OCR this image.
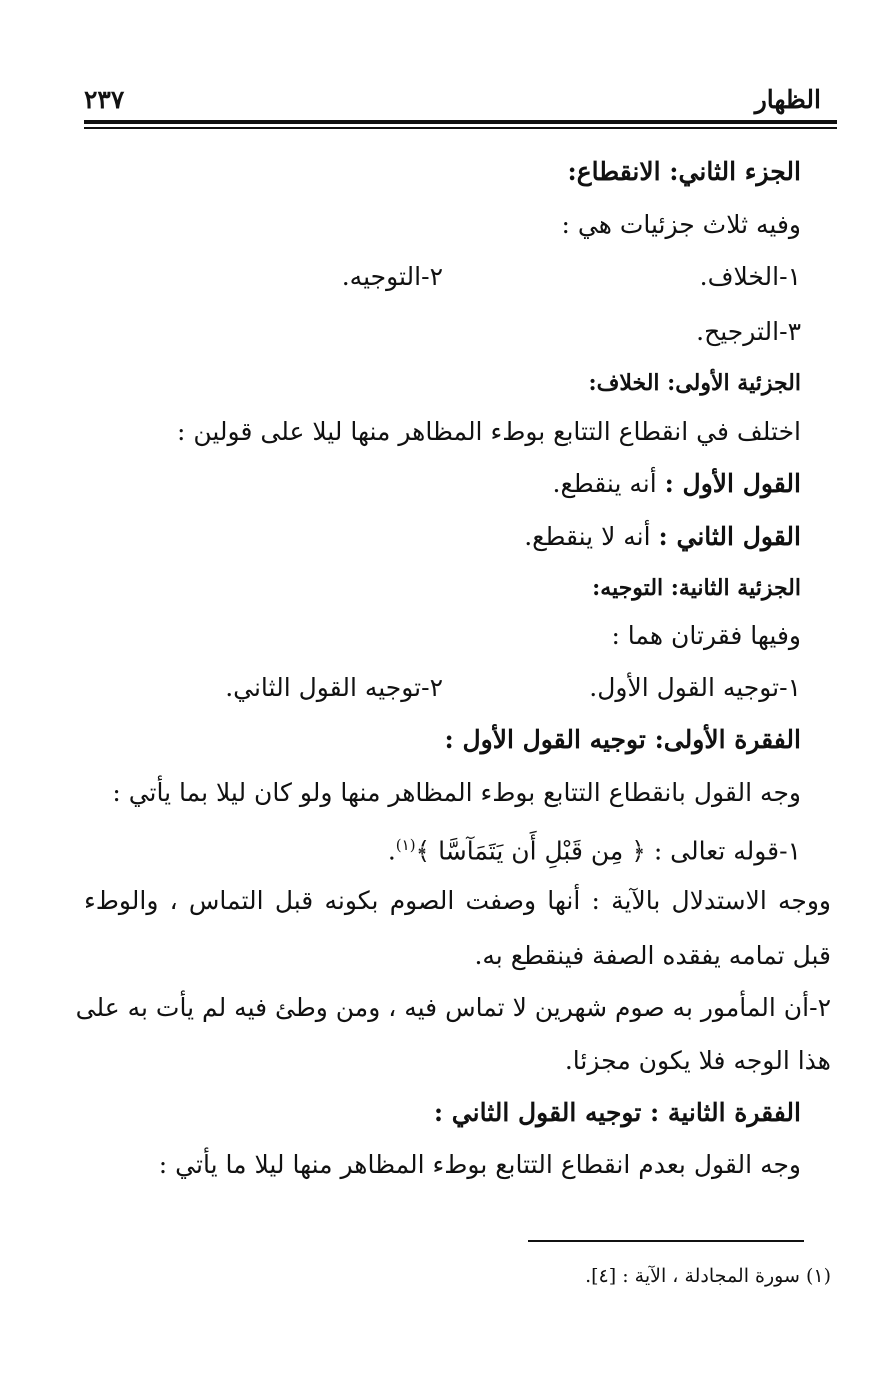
الظهار
٢٣٧
الجزء الثاني: الانقطاع:
وفيه ثلاث جزئيات هي :
١-الخلاف.
٢-التوجيه.
٣-الترجيح.
الجزئية الأولى: الخلاف:
اختلف في انقطاع التتابع بوطء المظاهر منها ليلا على قولين :
القول الأول : أنه ينقطع.
القول الثاني : أنه لا ينقطع.
الجزئية الثانية: التوجيه:
وفيها فقرتان هما :
١-توجيه القول الأول.
٢-توجيه القول الثاني.
الفقرة الأولى: توجيه القول الأول :
وجه القول بانقطاع التتابع بوطء المظاهر منها ولو كان ليلا بما يأتي :
١-قوله تعالى : ﴿ مِن قَبْلِ أَن يَتَمَآسَّا ﴾$^{(١)}$.
ووجه الاستدلال بالآية : أنها وصفت الصوم بكونه قبل التماس ، والوطء
قبل تمامه يفقده الصفة فينقطع به.
٢-أن المأمور به صوم شهرين لا تماس فيه ، ومن وطئ فيه لم يأت به على
هذا الوجه فلا يكون مجزئا.
الفقرة الثانية : توجيه القول الثاني :
وجه القول بعدم انقطاع التتابع بوطء المظاهر منها ليلا ما يأتي :
(١) سورة المجادلة ، الآية : [٤].
